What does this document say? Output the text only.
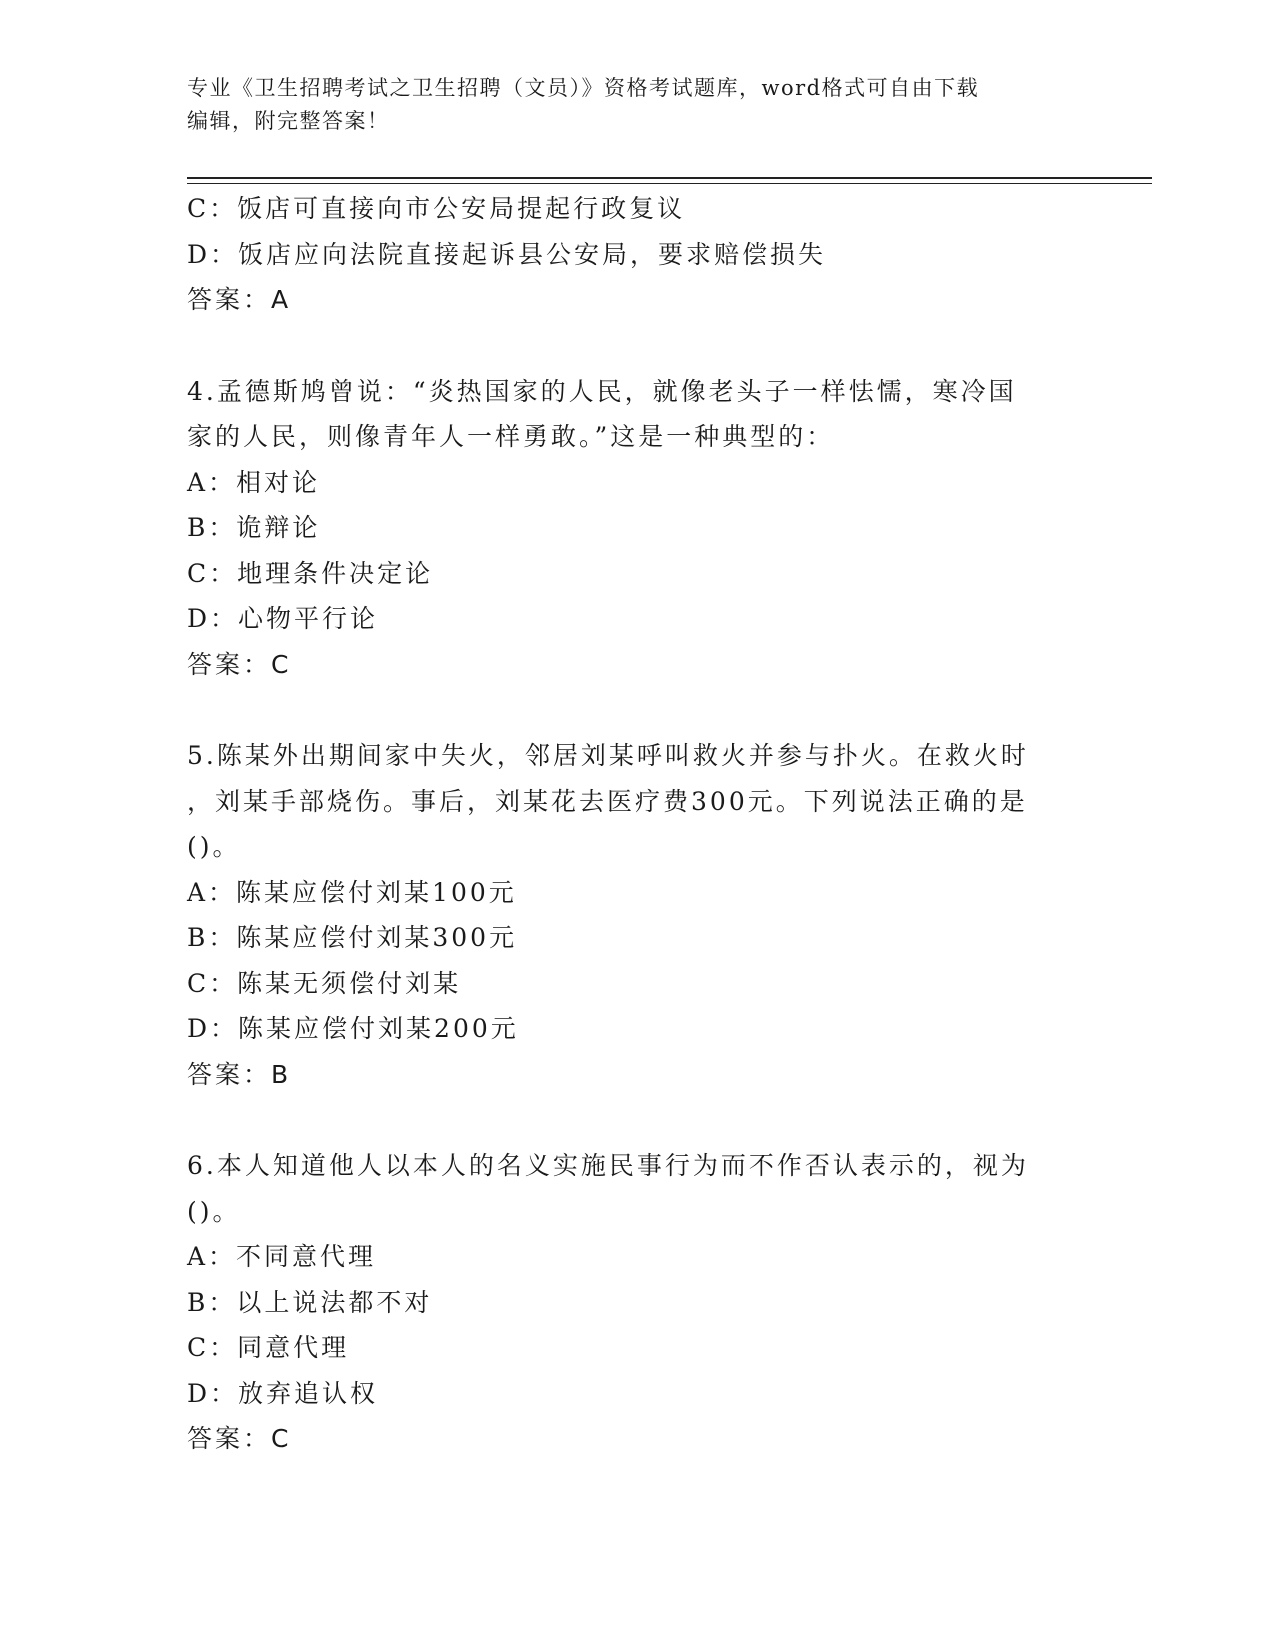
专业《卫生招聘考试之卫生招聘（文员）》资格考试题库，word格式可自由下载
编辑，附完整答案！
C：饭店可直接向市公安局提起行政复议
D：饭店应向法院直接起诉县公安局，要求赔偿损失
答案：A
4.孟德斯鸠曾说：“炎热国家的人民，就像老头子一样怯懦，寒冷国
家的人民，则像青年人一样勇敢。”这是一种典型的：
A：相对论
B：诡辩论
C：地理条件决定论
D：心物平行论
答案：C
5.陈某外出期间家中失火，邻居刘某呼叫救火并参与扑火。在救火时
，刘某手部烧伤。事后，刘某花去医疗费300元。下列说法正确的是
()。
A：陈某应偿付刘某100元
B：陈某应偿付刘某300元
C：陈某无须偿付刘某
D：陈某应偿付刘某200元
答案：B
6.本人知道他人以本人的名义实施民事行为而不作否认表示的，视为
()。
A：不同意代理
B：以上说法都不对
C：同意代理
D：放弃追认权
答案：C
